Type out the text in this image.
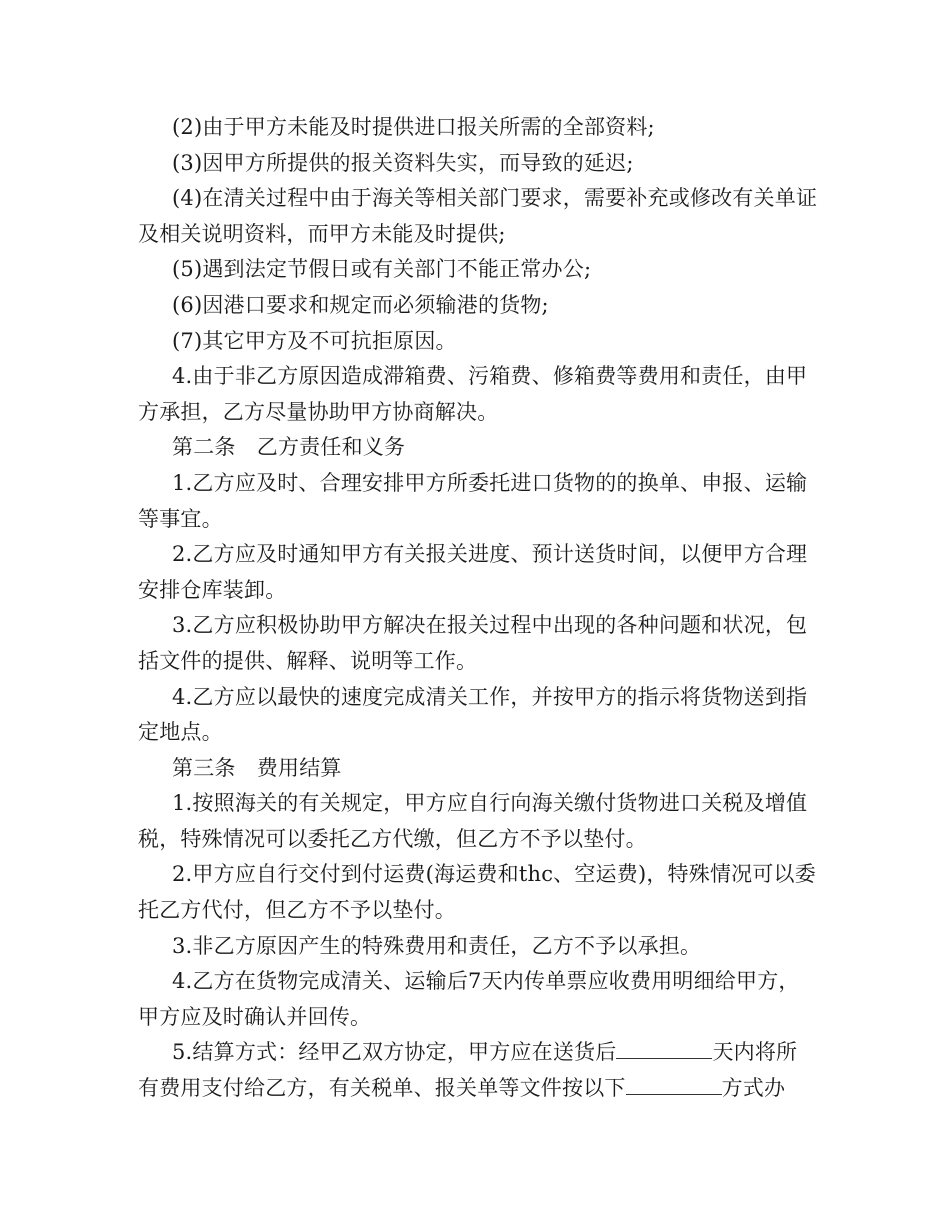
(2)由于甲方未能及时提供进口报关所需的全部资料;

(3)因甲方所提供的报关资料失实，而导致的延迟;

(4)在清关过程中由于海关等相关部门要求，需要补充或修改有关单证及相关说明资料，而甲方未能及时提供;

(5)遇到法定节假日或有关部门不能正常办公;

(6)因港口要求和规定而必须输港的货物;

(7)其它甲方及不可抗拒原因。

4.由于非乙方原因造成滞箱费、污箱费、修箱费等费用和责任，由甲方承担，乙方尽量协助甲方协商解决。

第二条　乙方责任和义务

1.乙方应及时、合理安排甲方所委托进口货物的的换单、申报、运输等事宜。

2.乙方应及时通知甲方有关报关进度、预计送货时间，以便甲方合理安排仓库装卸。

3.乙方应积极协助甲方解决在报关过程中出现的各种问题和状况，包括文件的提供、解释、说明等工作。

4.乙方应以最快的速度完成清关工作，并按甲方的指示将货物送到指定地点。

第三条　费用结算

1.按照海关的有关规定，甲方应自行向海关缴付货物进口关税及增值税，特殊情况可以委托乙方代缴，但乙方不予以垫付。

2.甲方应自行交付到付运费(海运费和thc、空运费)，特殊情况可以委托乙方代付，但乙方不予以垫付。

3.非乙方原因产生的特殊费用和责任，乙方不予以承担。

4.乙方在货物完成清关、运输后7天内传单票应收费用明细给甲方，甲方应及时确认并回传。

5.结算方式：经甲乙双方协定，甲方应在送货后	天内将所有费用支付给乙方，有关税单、报关单等文件按以下	方式办
